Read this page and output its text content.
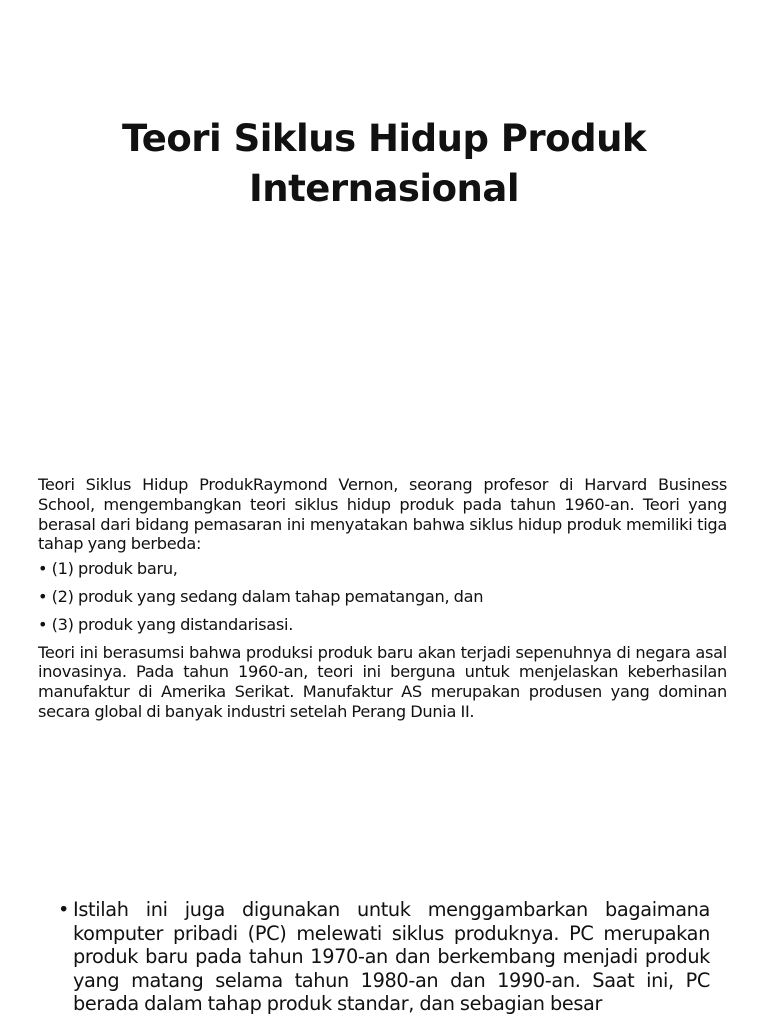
Teori Siklus Hidup Produk
Internasional

Teori Siklus Hidup ProdukRaymond Vernon, seorang profesor di Harvard Business School, mengembangkan teori siklus hidup produk pada tahun 1960-an. Teori yang berasal dari bidang pemasaran ini menyatakan bahwa siklus hidup produk memiliki tiga tahap yang berbeda:

• (1) produk baru,
• (2) produk yang sedang dalam tahap pematangan, dan
• (3) produk yang distandarisasi.

Teori ini berasumsi bahwa produksi produk baru akan terjadi sepenuhnya di negara asal inovasinya. Pada tahun 1960-an, teori ini berguna untuk menjelaskan keberhasilan manufaktur di Amerika Serikat. Manufaktur AS merupakan produsen yang dominan secara global di banyak industri setelah Perang Dunia II.

• Istilah ini juga digunakan untuk menggambarkan bagaimana komputer pribadi (PC) melewati siklus produknya. PC merupakan produk baru pada tahun 1970-an dan berkembang menjadi produk yang matang selama tahun 1980-an dan 1990-an. Saat ini, PC berada dalam tahap produk standar, dan sebagian besar
